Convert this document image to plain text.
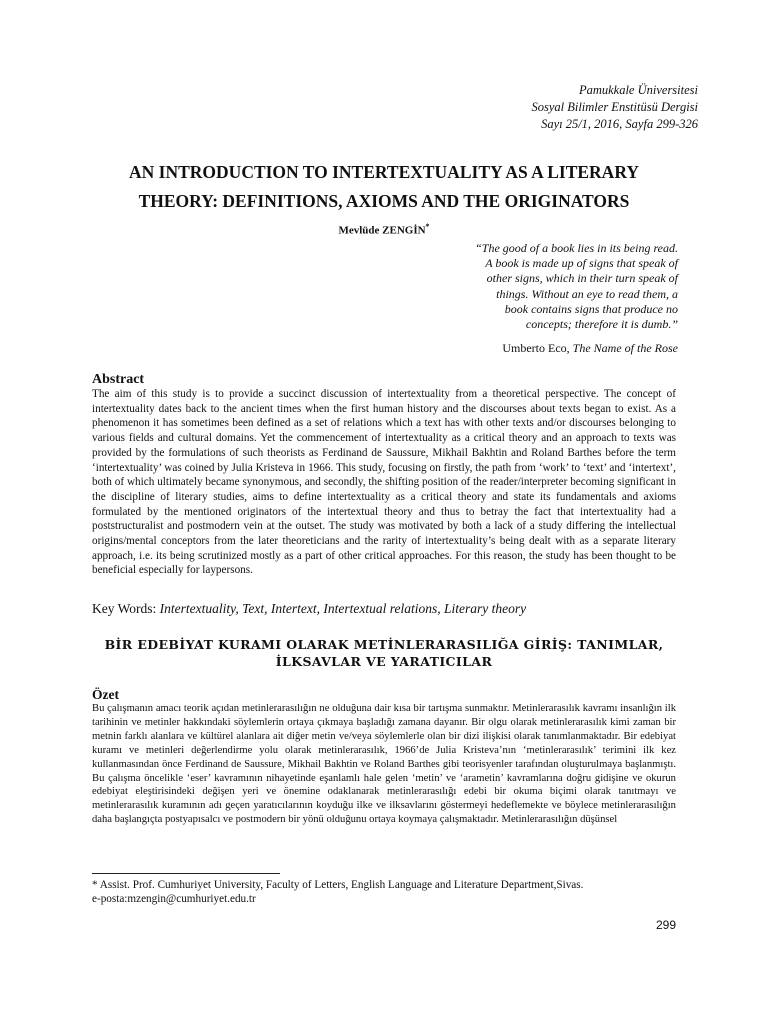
Pamukkale Üniversitesi
Sosyal Bilimler Enstitüsü Dergisi
Sayı 25/1, 2016, Sayfa 299-326
AN INTRODUCTION TO INTERTEXTUALITY AS A LITERARY
THEORY: DEFINITIONS, AXIOMS AND THE ORIGINATORS
Mevlüde ZENGİN*
“The good of a book lies in its being read.
A book is made up of signs that speak of
other signs, which in their turn speak of
things. Without an eye to read them, a
book contains signs that produce no
concepts; therefore it is dumb.”
Umberto Eco, The Name of the Rose
Abstract
The aim of this study is to provide a succinct discussion of intertextuality from a theoretical perspective. The concept of intertextuality dates back to the ancient times when the first human history and the discourses about texts began to exist. As a phenomenon it has sometimes been defined as a set of relations which a text has with other texts and/or discourses belonging to various fields and cultural domains. Yet the commencement of intertextuality as a critical theory and an approach to texts was provided by the formulations of such theorists as Ferdinand de Saussure, Mikhail Bakhtin and Roland Barthes before the term ‘intertextuality’ was coined by Julia Kristeva in 1966. This study, focusing on firstly, the path from ‘work’ to ‘text’ and ‘intertext’, both of which ultimately became synonymous, and secondly, the shifting position of the reader/interpreter becoming significant in the discipline of literary studies, aims to define intertextuality as a critical theory and state its fundamentals and axioms formulated by the mentioned originators of the intertextual theory and thus to betray the fact that intertextuality had a poststructuralist and postmodern vein at the outset. The study was motivated by both a lack of a study differing the intellectual origins/mental conceptors from the later theoreticians and the rarity of intertextuality’s being dealt with as a separate literary approach, i.e. its being scrutinized mostly as a part of other critical approaches. For this reason, the study has been thought to be beneficial especially for laypersons.
Key Words: Intertextuality, Text, Intertext, Intertextual relations, Literary theory
BİR EDEBİYAT KURAMI OLARAK METİNLERARASILIĞA GİRİŞ: TANIMLAR,
İLKSAVLAR VE YARATICILAR
Özet
Bu çalışmanın amacı teorik açıdan metinlerarasılığın ne olduğuna dair kısa bir tartışma sunmaktır. Metinlerarasılık kavramı insanlığın ilk tarihinin ve metinler hakkındaki söylemlerin ortaya çıkmaya başladığı zamana dayanır. Bir olgu olarak metinlerarasılık kimi zaman bir metnin farklı alanlara ve kültürel alanlara ait diğer metin ve/veya söylemlerle olan bir dizi ilişkisi olarak tanımlanmaktadır. Bir edebiyat kuramı ve metinleri değerlendirme yolu olarak metinlerarasılık, 1966’de Julia Kristeva’nın ‘metinlerarasılık’ terimini ilk kez kullanmasından önce Ferdinand de Saussure, Mikhail Bakhtin ve Roland Barthes gibi teorisyenler tarafından oluşturulmaya başlanmıştı. Bu çalışma öncelikle ‘eser’ kavramının nihayetinde eşanlamlı hale gelen ‘metin’ ve ‘arametin’ kavramlarına doğru gidişine ve okurun edebiyat eleştirisindeki değişen yeri ve önemine odaklanarak metinlerarasılığı edebi bir okuma biçimi olarak tanıtmayı ve metinlerarasılık kuramının adı geçen yaratıcılarının koyduğu ilke ve ilksavlarını göstermeyi hedeflemekte ve böylece metinlerarasılığın daha başlangıçta postyapısalcı ve postmodern bir yönü olduğunu ortaya koymaya çalışmaktadır. Metinlerarasılığın düşünsel
* Assist. Prof. Cumhuriyet University, Faculty of Letters, English Language and Literature Department,Sivas.
e-posta:mzengin@cumhuriyet.edu.tr
299
